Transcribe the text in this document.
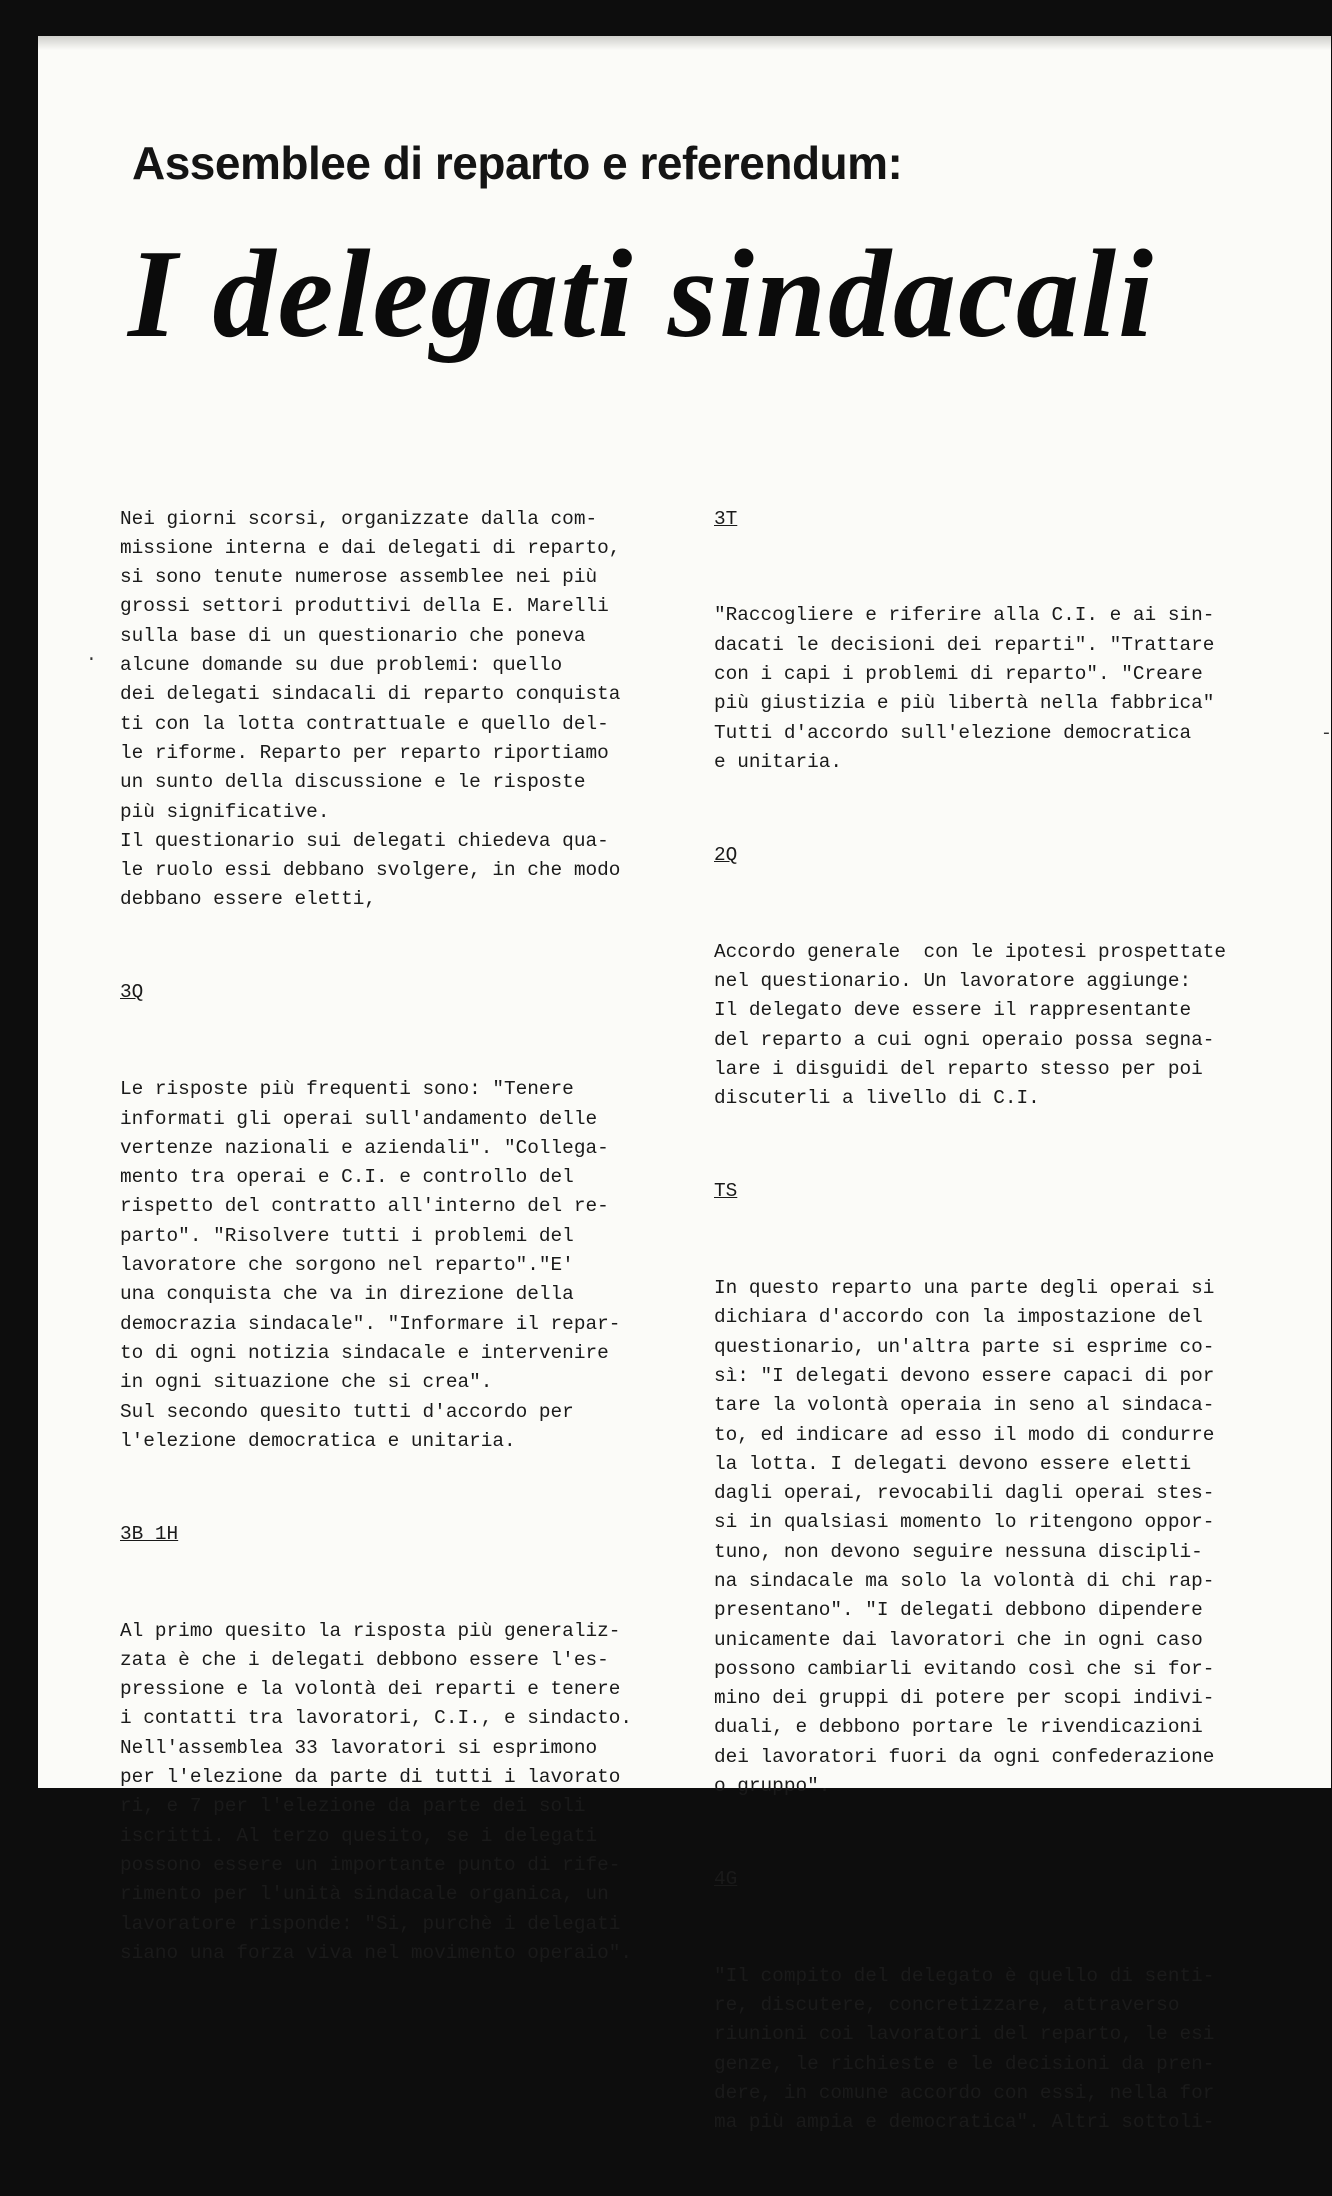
Assemblee di reparto e referendum:
I delegati sindacali
·
-

Nei giorni scorsi, organizzate dalla com-
missione interna e dai delegati di reparto,
si sono tenute numerose assemblee nei più
grossi settori produttivi della E. Marelli
sulla base di un questionario che poneva
alcune domande su due problemi: quello
dei delegati sindacali di reparto conquista
ti con la lotta contrattuale e quello del-
le riforme. Reparto per reparto riportiamo
un sunto della discussione e le risposte
più significative.
Il questionario sui delegati chiedeva qua-
le ruolo essi debbano svolgere, in che modo
debbano essere eletti,

3Q

Le risposte più frequenti sono: "Tenere
informati gli operai sull'andamento delle
vertenze nazionali e aziendali". "Collega-
mento tra operai e C.I. e controllo del
rispetto del contratto all'interno del re-
parto". "Risolvere tutti i problemi del
lavoratore che sorgono nel reparto"."E'
una conquista che va in direzione della
democrazia sindacale". "Informare il repar-
to di ogni notizia sindacale e intervenire
in ogni situazione che si crea".
Sul secondo quesito tutti d'accordo per
l'elezione democratica e unitaria.

3B 1H

Al primo quesito la risposta più generaliz-
zata è che i delegati debbono essere l'es-
pressione e la volontà dei reparti e tenere
i contatti tra lavoratori, C.I., e sindacto.
Nell'assemblea 33 lavoratori si esprimono
per l'elezione da parte di tutti i lavorato
ri, e 7 per l'elezione da parte dei soli
iscritti. Al terzo quesito, se i delegati
possono essere un importante punto di rife-
rimento per l'unità sindacale organica, un
lavoratore risponde: "Si, purchè i delegati
siano una forza viva nel movimento operaio".

3T

"Raccogliere e riferire alla C.I. e ai sin-
dacati le decisioni dei reparti". "Trattare
con i capi i problemi di reparto". "Creare
più giustizia e più libertà nella fabbrica"
Tutti d'accordo sull'elezione democratica
e unitaria.

2Q

Accordo generale  con le ipotesi prospettate
nel questionario. Un lavoratore aggiunge:
Il delegato deve essere il rappresentante
del reparto a cui ogni operaio possa segna-
lare i disguidi del reparto stesso per poi
discuterli a livello di C.I.

TS

In questo reparto una parte degli operai si
dichiara d'accordo con la impostazione del
questionario, un'altra parte si esprime co-
sì: "I delegati devono essere capaci di por
tare la volontà operaia in seno al sindaca-
to, ed indicare ad esso il modo di condurre
la lotta. I delegati devono essere eletti
dagli operai, revocabili dagli operai stes-
si in qualsiasi momento lo ritengono oppor-
tuno, non devono seguire nessuna discipli-
na sindacale ma solo la volontà di chi rap-
presentano". "I delegati debbono dipendere
unicamente dai lavoratori che in ogni caso
possono cambiarli evitando così che si for-
mino dei gruppi di potere per scopi indivi-
duali, e debbono portare le rivendicazioni
dei lavoratori fuori da ogni confederazione
o gruppo".

4G

"Il compito del delegato è quello di senti-
re, discutere, concretizzare, attraverso
riunioni coi lavoratori del reparto, le esi
genze, le richieste e le decisioni da pren-
dere, in comune accordo con essi, nella for
ma più ampia e democratica". Altri sottoli-
